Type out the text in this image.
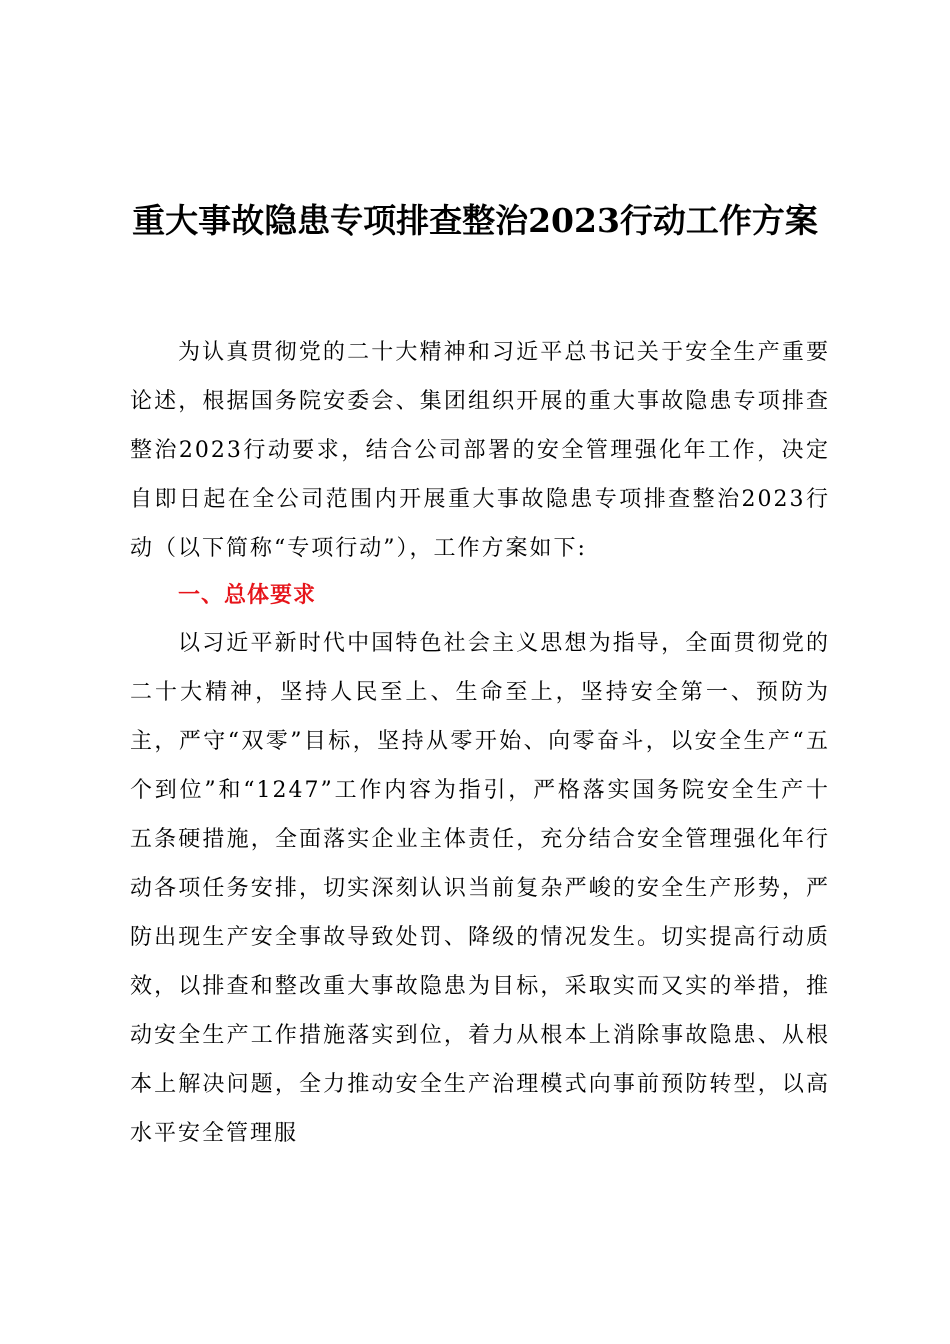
重大事故隐患专项排查整治2023行动工作方案

为认真贯彻党的二十大精神和习近平总书记关于安全生产重要论述，根据国务院安委会、集团组织开展的重大事故隐患专项排查整治2023行动要求，结合公司部署的安全管理强化年工作，决定自即日起在全公司范围内开展重大事故隐患专项排查整治2023行动（以下简称“专项行动”），工作方案如下:

一、总体要求

以习近平新时代中国特色社会主义思想为指导，全面贯彻党的二十大精神，坚持人民至上、生命至上，坚持安全第一、预防为主，严守“双零”目标，坚持从零开始、向零奋斗，以安全生产“五个到位”和“1247”工作内容为指引，严格落实国务院安全生产十五条硬措施，全面落实企业主体责任，充分结合安全管理强化年行动各项任务安排，切实深刻认识当前复杂严峻的安全生产形势，严防出现生产安全事故导致处罚、降级的情况发生。切实提高行动质效，以排查和整改重大事故隐患为目标，采取实而又实的举措，推动安全生产工作措施落实到位，着力从根本上消除事故隐患、从根本上解决问题，全力推动安全生产治理模式向事前预防转型，以高水平安全管理服
